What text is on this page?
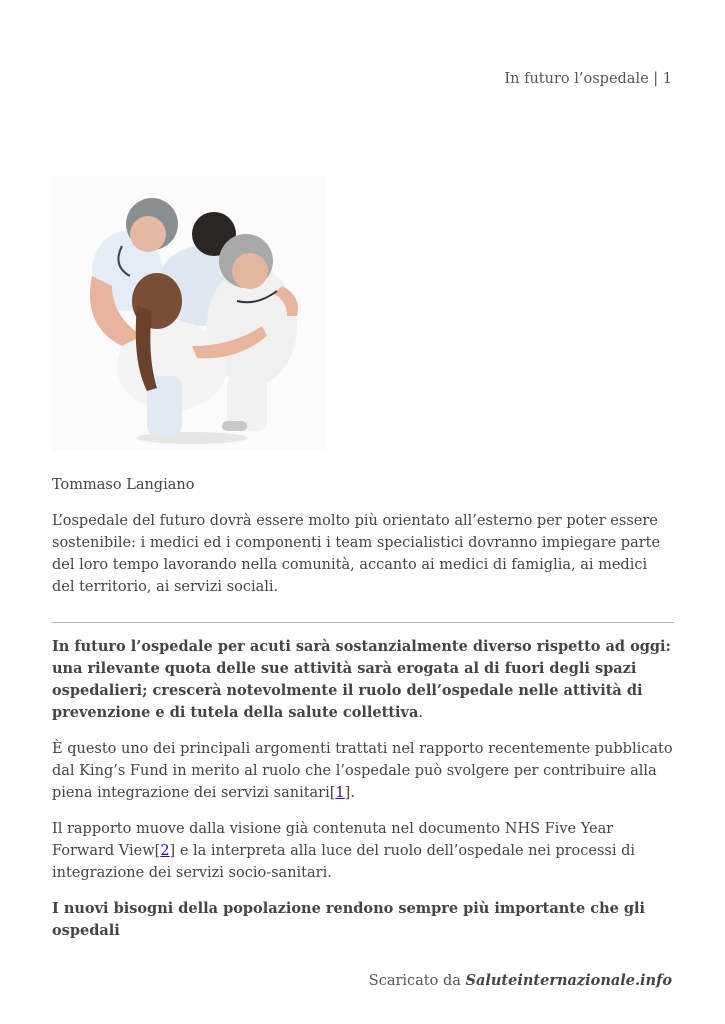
In futuro l’ospedale | 1

Tommaso Langiano

L’ospedale del futuro dovrà essere molto più orientato all’esterno per poter essere sostenibile: i medici ed i componenti i team specialistici dovranno impiegare parte del loro tempo lavorando nella comunità, accanto ai medici di famiglia, ai medici del territorio, ai servizi sociali.

In futuro l’ospedale per acuti sarà sostanzialmente diverso rispetto ad oggi: una rilevante quota delle sue attività sarà erogata al di fuori degli spazi ospedalieri; crescerà notevolmente il ruolo dell’ospedale nelle attività di prevenzione e di tutela della salute collettiva.

È questo uno dei principali argomenti trattati nel rapporto recentemente pubblicato dal King’s Fund in merito al ruolo che l’ospedale può svolgere per contribuire alla piena integrazione dei servizi sanitari[1].

Il rapporto muove dalla visione già contenuta nel documento NHS Five Year Forward View[2] e la interpreta alla luce del ruolo dell’ospedale nei processi di integrazione dei servizi socio-sanitari.

I nuovi bisogni della popolazione rendono sempre più importante che gli ospedali

Scaricato da Saluteinternazionale.info
